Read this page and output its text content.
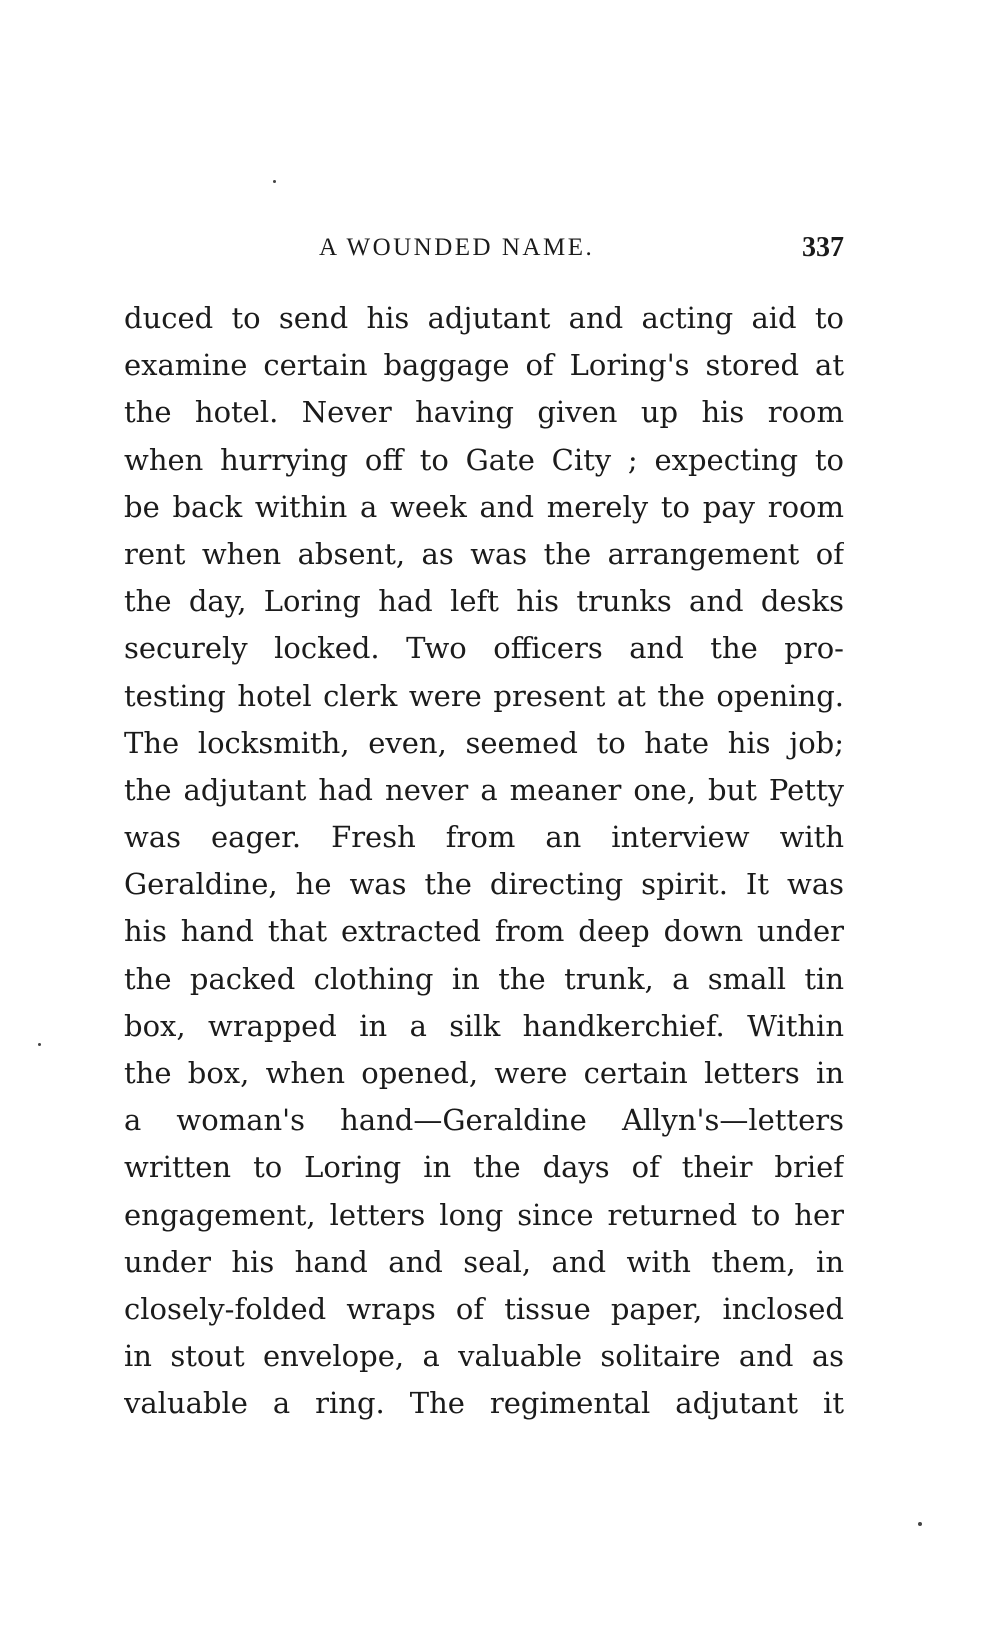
A WOUNDED NAME.	337
duced to send his adjutant and acting aid to
examine certain baggage of Loring's stored at
the hotel. Never having given up his room
when hurrying off to Gate City ; expecting to
be back within a week and merely to pay room
rent when absent, as was the arrangement of
the day, Loring had left his trunks and desks
securely locked. Two officers and the pro-
testing hotel clerk were present at the opening.
The locksmith, even, seemed to hate his job;
the adjutant had never a meaner one, but Petty
was eager. Fresh from an interview with
Geraldine, he was the directing spirit. It was
his hand that extracted from deep down under
the packed clothing in the trunk, a small tin
box, wrapped in a silk handkerchief. Within
the box, when opened, were certain letters in
a woman's hand—Geraldine Allyn's—letters
written to Loring in the days of their brief
engagement, letters long since returned to her
under his hand and seal, and with them, in
closely-folded wraps of tissue paper, inclosed
in stout envelope, a valuable solitaire and as
valuable a ring. The regimental adjutant it
